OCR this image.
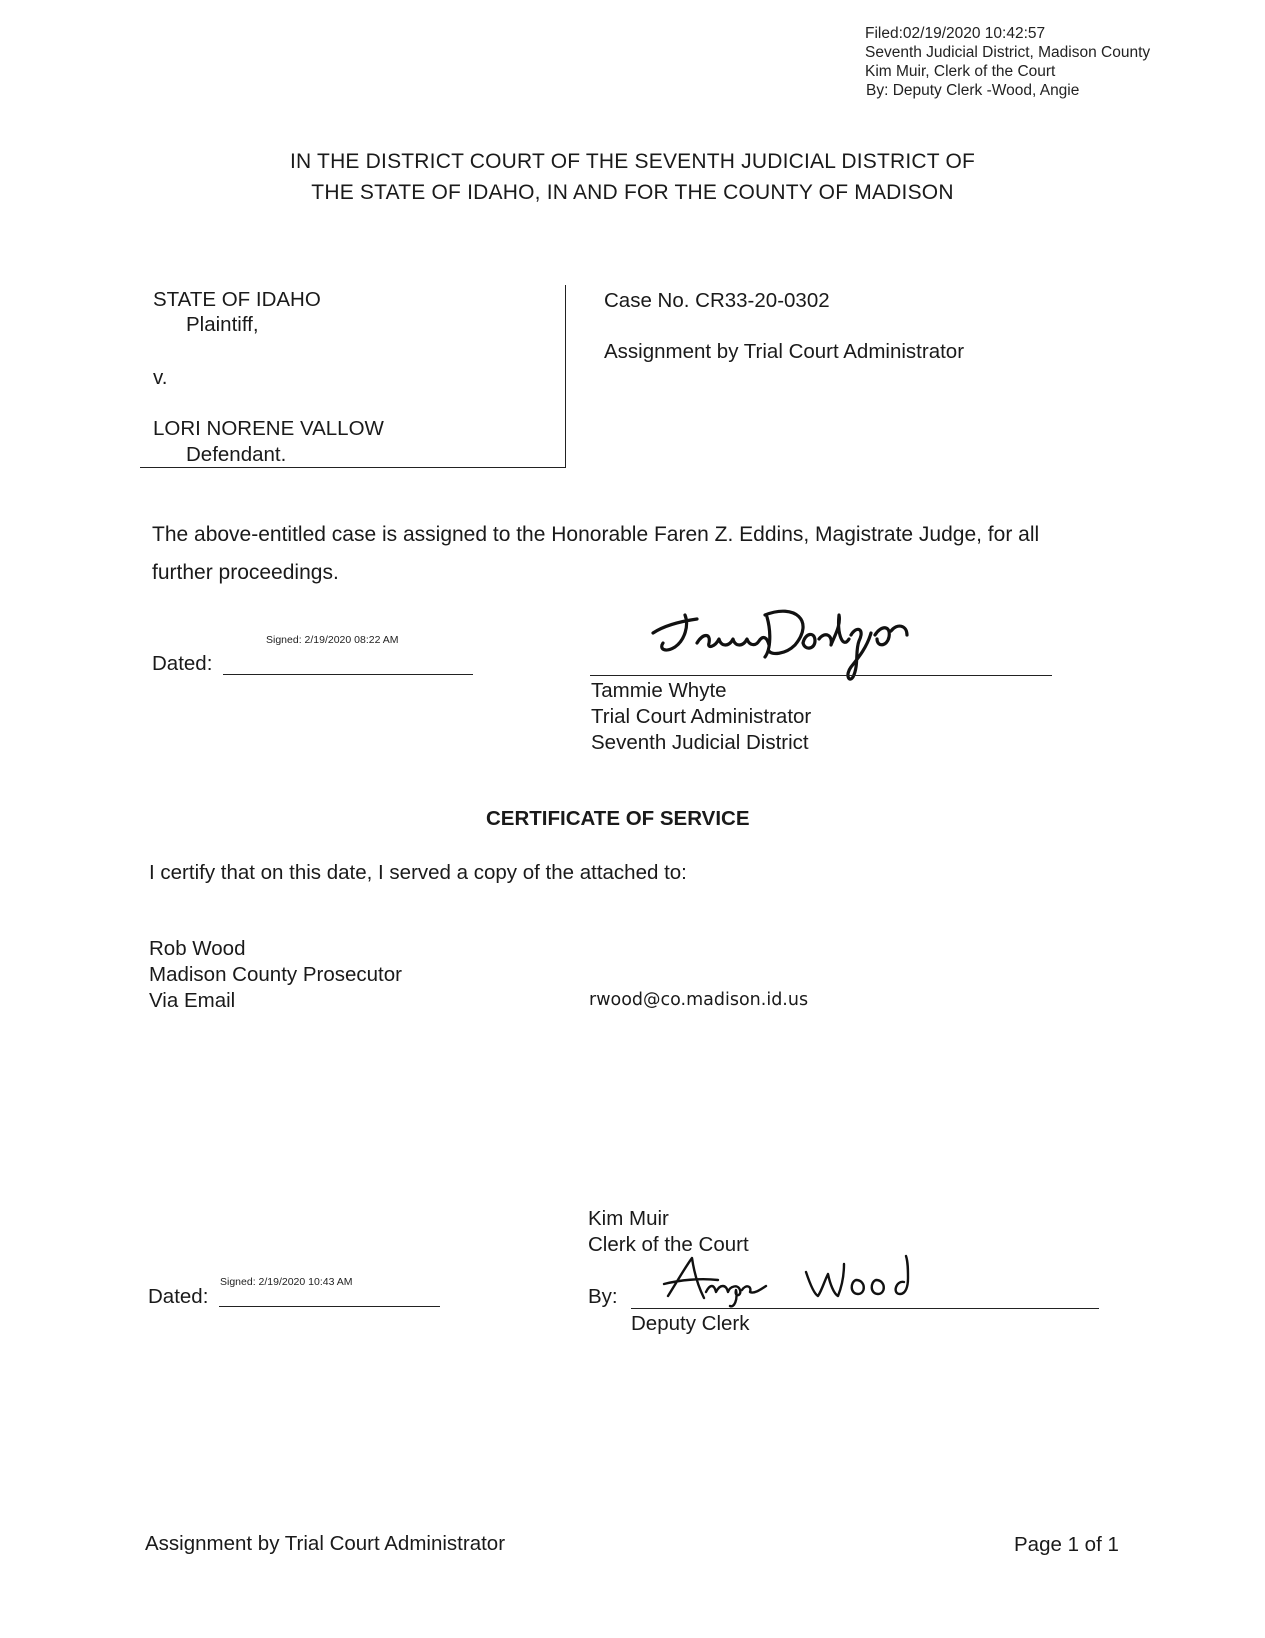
Filed:02/19/2020 10:42:57
Seventh Judicial District, Madison County
Kim Muir, Clerk of the Court
By: Deputy Clerk -Wood, Angie
IN THE DISTRICT COURT OF THE SEVENTH JUDICIAL DISTRICT OF
THE STATE OF IDAHO, IN AND FOR THE COUNTY OF MADISON
STATE OF IDAHO
Plaintiff,
v.
LORI NORENE VALLOW
Defendant.
Case No. CR33-20-0302
Assignment by Trial Court Administrator
The above-entitled case is assigned to the Honorable Faren Z. Eddins, Magistrate Judge, for all
further proceedings.
Signed: 2/19/2020 08:22 AM
Dated:
Tammie Whyte
Trial Court Administrator
Seventh Judicial District
CERTIFICATE OF SERVICE
I certify that on this date, I served a copy of the attached to:
Rob Wood
Madison County Prosecutor
Via Email	rwood@co.madison.id.us
Kim Muir
Clerk of the Court
Signed: 2/19/2020 10:43 AM
Dated:	By:
Deputy Clerk
Assignment by Trial Court Administrator	Page 1 of 1
